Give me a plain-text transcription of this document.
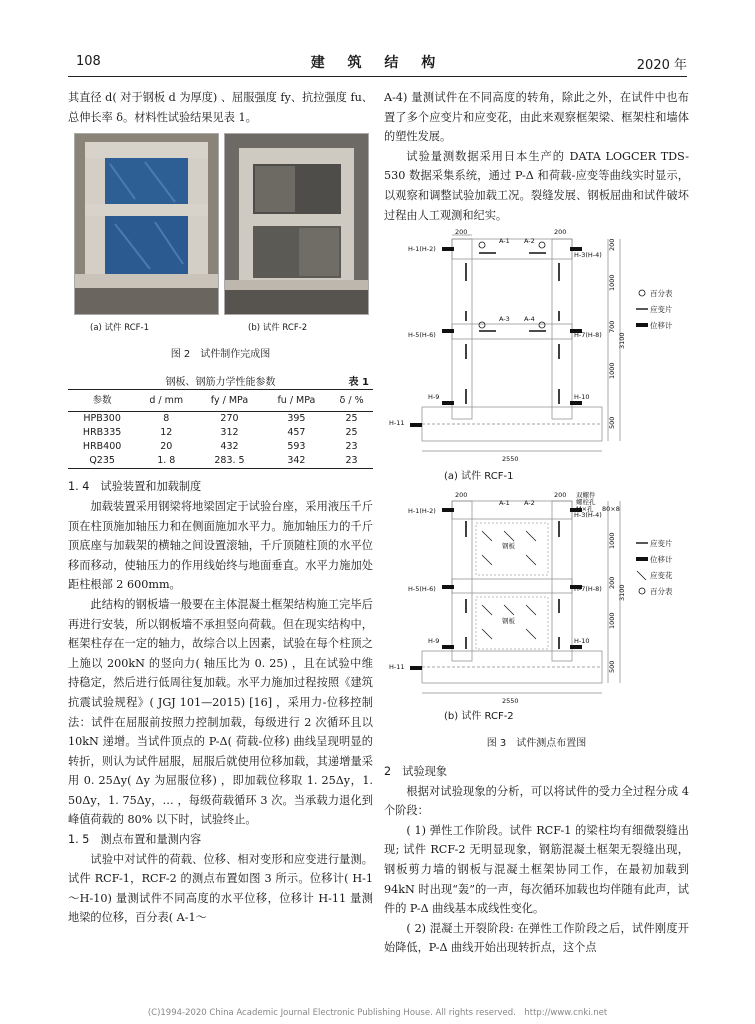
108	建 筑 结 构	2020 年

其直径 d( 对于钢板 d 为厚度) 、屈服强度 fy、抗拉强度 fu、总伸长率 δ。材料性试验结果见表 1。

(a) 试件 RCF-1	(b) 试件 RCF-2
图 2　试件制作完成图
钢板、钢筋力学性能参数	表 1
参数	d / mm	fy / MPa	fu / MPa	δ / %
HPB300	8	270	395	25
HRB335	12	312	457	25
HRB400	20	432	593	23
Q235	1. 8	283. 5	342	23

1. 4　试验装置和加载制度

加载装置采用钢梁将地梁固定于试验台座，采用液压千斤顶在柱顶施加轴压力和在侧面施加水平力。施加轴压力的千斤顶底座与加载架的横轴之间设置滚轴，千斤顶随柱顶的水平位移而移动，使轴压力的作用线始终与地面垂直。水平力施加处距柱根部 2 600mm。

此结构的钢板墙一般要在主体混凝土框架结构施工完毕后再进行安装，所以钢板墙不承担竖向荷载。但在现实结构中，框架柱存在一定的轴力，故综合以上因素，试验在每个柱顶之上施以 200kN 的竖向力( 轴压比为 0. 25) ，且在试验中维持稳定，然后进行低周往复加载。水平力施加过程按照《建筑抗震试验规程》( JGJ 101—2015) [16] ，采用力-位移控制法：试件在屈服前按照力控制加载，每级进行 2 次循环且以 10kN 递增。当试件顶点的 P-Δ( 荷载-位移) 曲线呈现明显的转折，则认为试件屈服，屈服后就使用位移加载，其递增量采用 0. 25Δy( Δy 为屈服位移) ，即加载位移取 1. 25Δy，1. 50Δy，1. 75Δy，… ，每级荷载循环 3 次。当承载力退化到峰值荷载的 80% 以下时，试验终止。

1. 5　测点布置和量测内容

试验中对试件的荷载、位移、相对变形和应变进行量测。试件 RCF-1，RCF-2 的测点布置如图 3 所示。位移计( H-1～H-10) 量测试件不同高度的水平位移，位移计 H-11 量测地梁的位移，百分表( A-1～

A-4) 量测试件在不同高度的转角，除此之外，在试件中也布置了多个应变片和应变花，由此来观察框架梁、框架柱和墙体的塑性发展。

试验量测数据采用日本生产的 DATA LOGCER TDS-530 数据采集系统，通过 P-Δ 和荷载-应变等曲线实时显示，以观察和调整试验加载工况。裂缝发展、钢板屈曲和试件破坏过程由人工观测和纪实。

200	200
A-1 A-2
A-3 A-4
H-1(H-2)
H-3(H-4)
H-5(H-6)	H-7(H-8)
H-9	H-10
H-11
2550
3100
1000
700
1000
500
200
百分表
应变片
位移计
(a) 试件 RCF-1
200	200
A-1 A-2
H-1(H-2)	H-3(H-4)
H-5(H-6)	H-7(H-8)
H-9	H-10
H-11
钢板
钢板
双螺件
螺栓孔
M×孔 80×8
2550
3100
1000
200
1000
500
应变片
位移计
应变花
百分表
(b) 试件 RCF-2
图 3　试件测点布置图

2　试验现象

根据对试验现象的分析，可以将试件的受力全过程分成 4 个阶段：

( 1) 弹性工作阶段。试件 RCF-1 的梁柱均有细微裂缝出现; 试件 RCF-2 无明显现象，钢筋混凝土框架无裂缝出现，钢板剪力墙的钢板与混凝土框架协同工作，在最初加载到 94kN 时出现“轰”的一声，每次循环加载也均伴随有此声，试件的 P-Δ 曲线基本成线性变化。

( 2) 混凝土开裂阶段: 在弹性工作阶段之后，试件刚度开始降低，P-Δ 曲线开始出现转折点，这个点

(C)1994-2020 China Academic Journal Electronic Publishing House. All rights reserved.　http://www.cnki.net
